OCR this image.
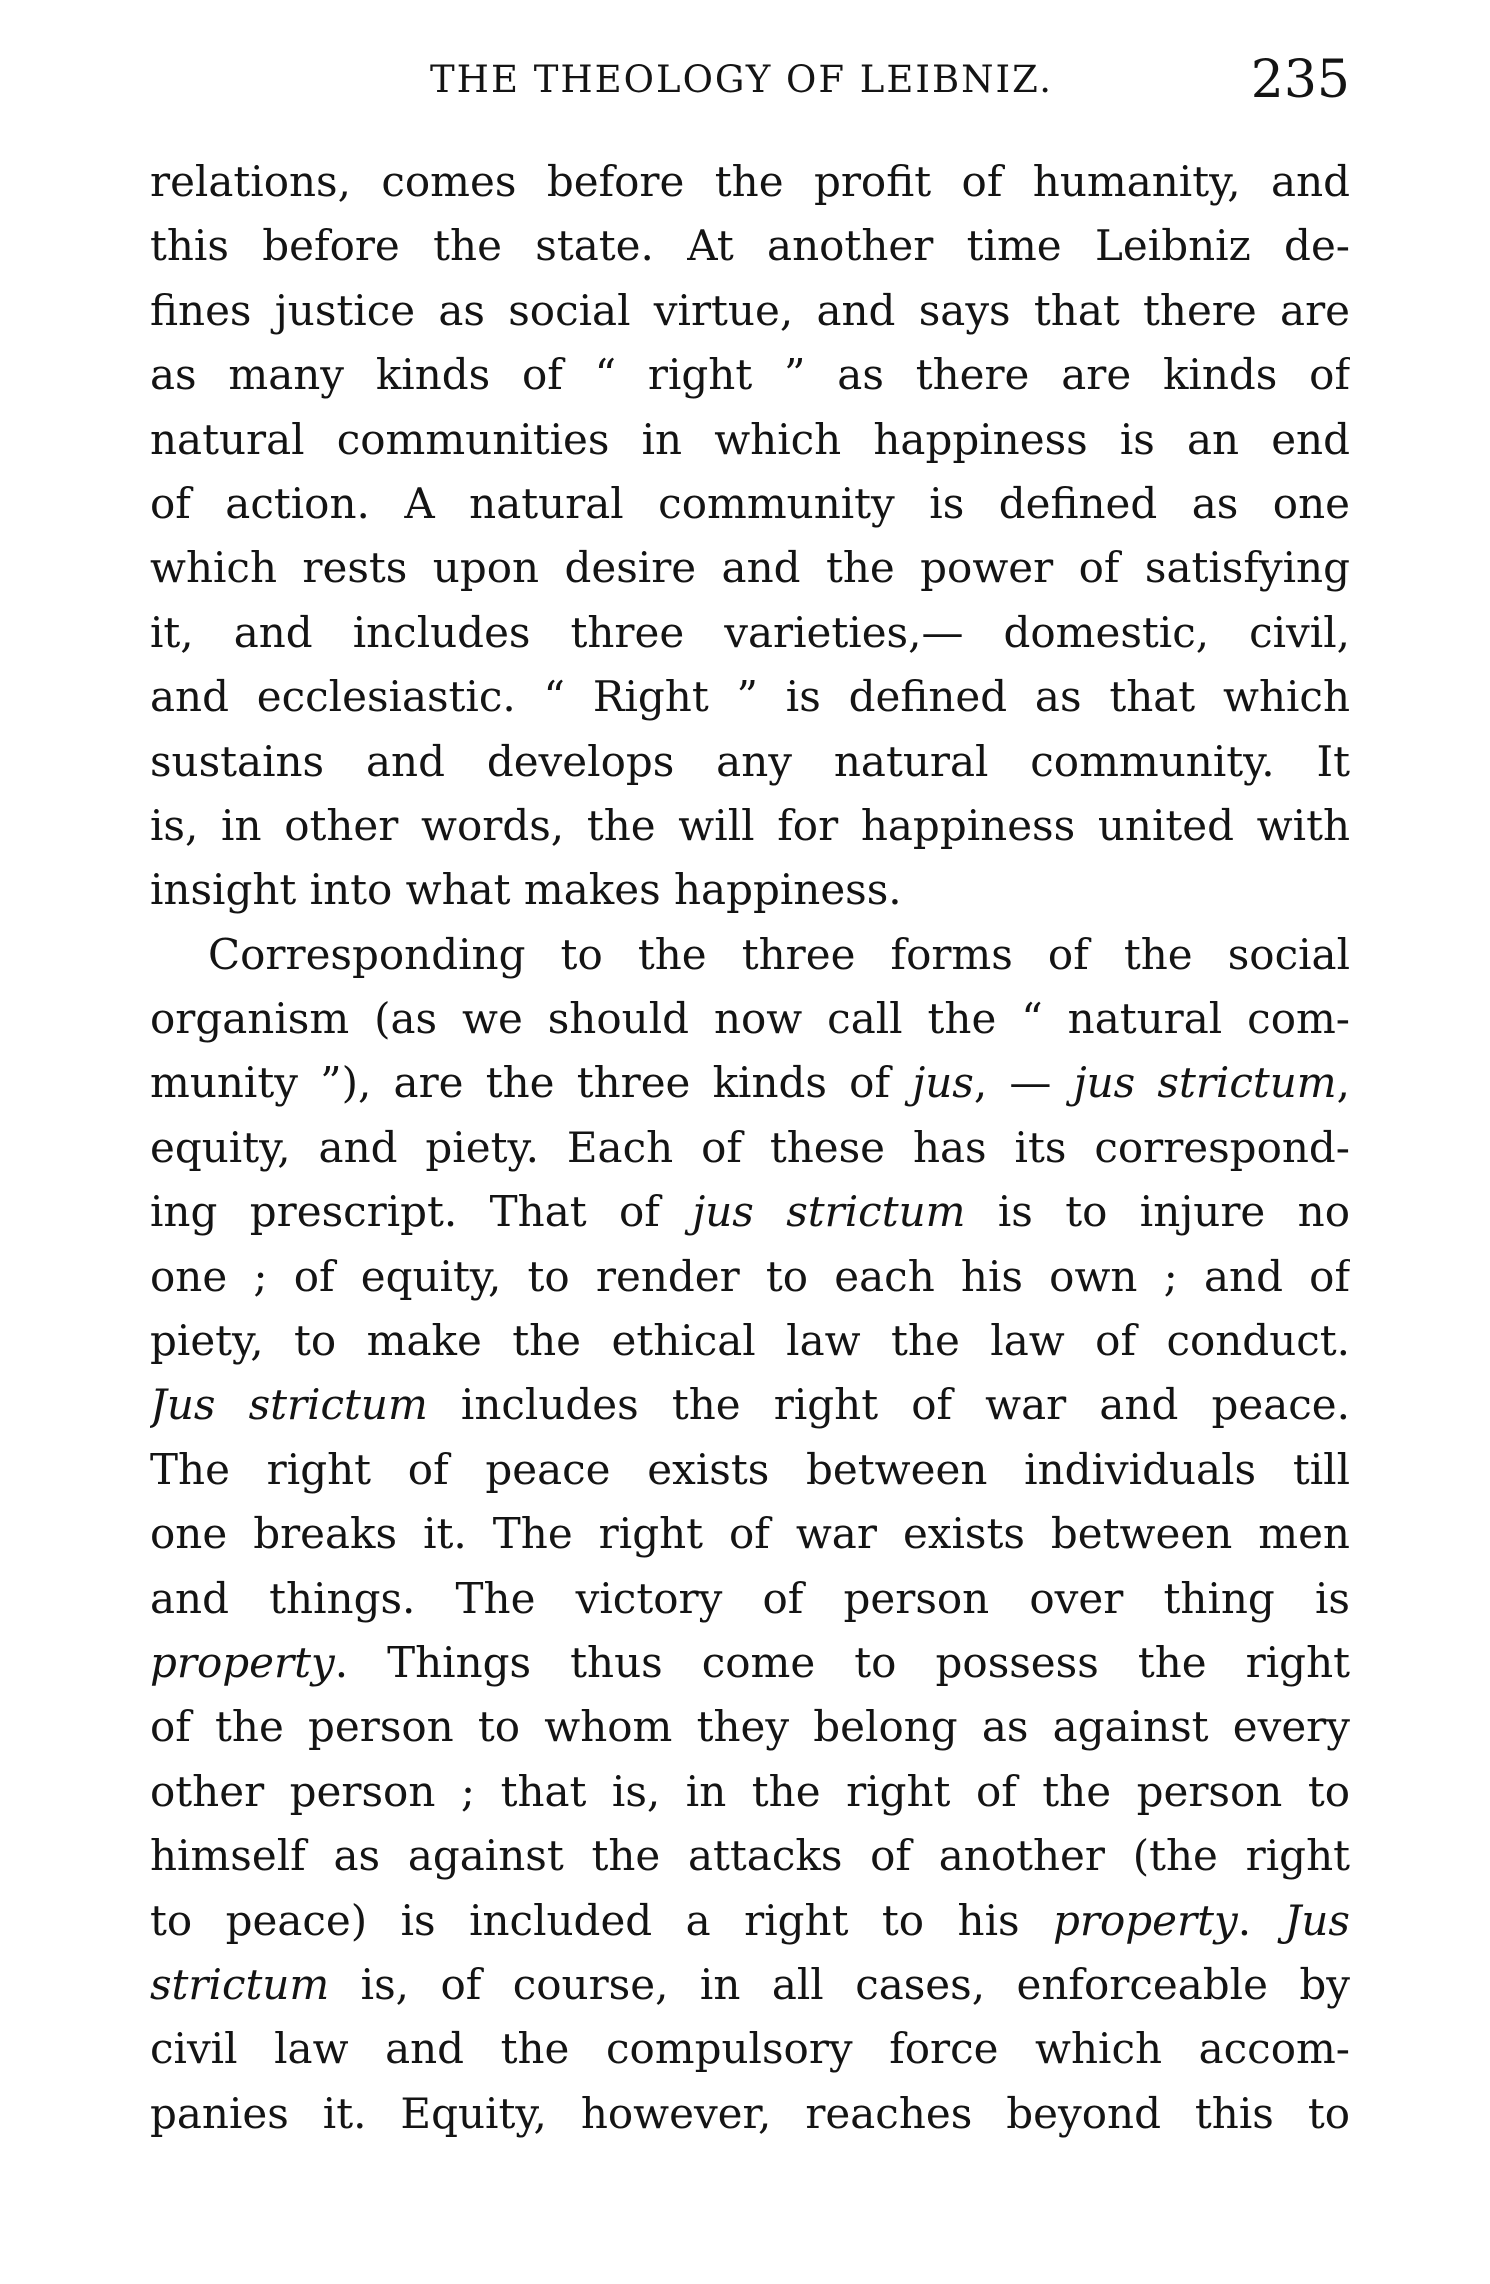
THE THEOLOGY OF LEIBNIZ.	235
relations, comes before the profit of humanity, and
this before the state. At another time Leibniz de-
fines justice as social virtue, and says that there are
as many kinds of “ right ” as there are kinds of
natural communities in which happiness is an end
of action. A natural community is defined as one
which rests upon desire and the power of satisfying
it, and includes three varieties,— domestic, civil,
and ecclesiastic. “ Right ” is defined as that which
sustains and develops any natural community. It
is, in other words, the will for happiness united with
insight into what makes happiness.
Corresponding to the three forms of the social
organism (as we should now call the “ natural com-
munity ”), are the three kinds of jus, — jus strictum,
equity, and piety. Each of these has its correspond-
ing prescript. That of jus strictum is to injure no
one ; of equity, to render to each his own ; and of
piety, to make the ethical law the law of conduct.
Jus strictum includes the right of war and peace.
The right of peace exists between individuals till
one breaks it. The right of war exists between men
and things. The victory of person over thing is
property. Things thus come to possess the right
of the person to whom they belong as against every
other person ; that is, in the right of the person to
himself as against the attacks of another (the right
to peace) is included a right to his property. Jus
strictum is, of course, in all cases, enforceable by
civil law and the compulsory force which accom-
panies it. Equity, however, reaches beyond this to
